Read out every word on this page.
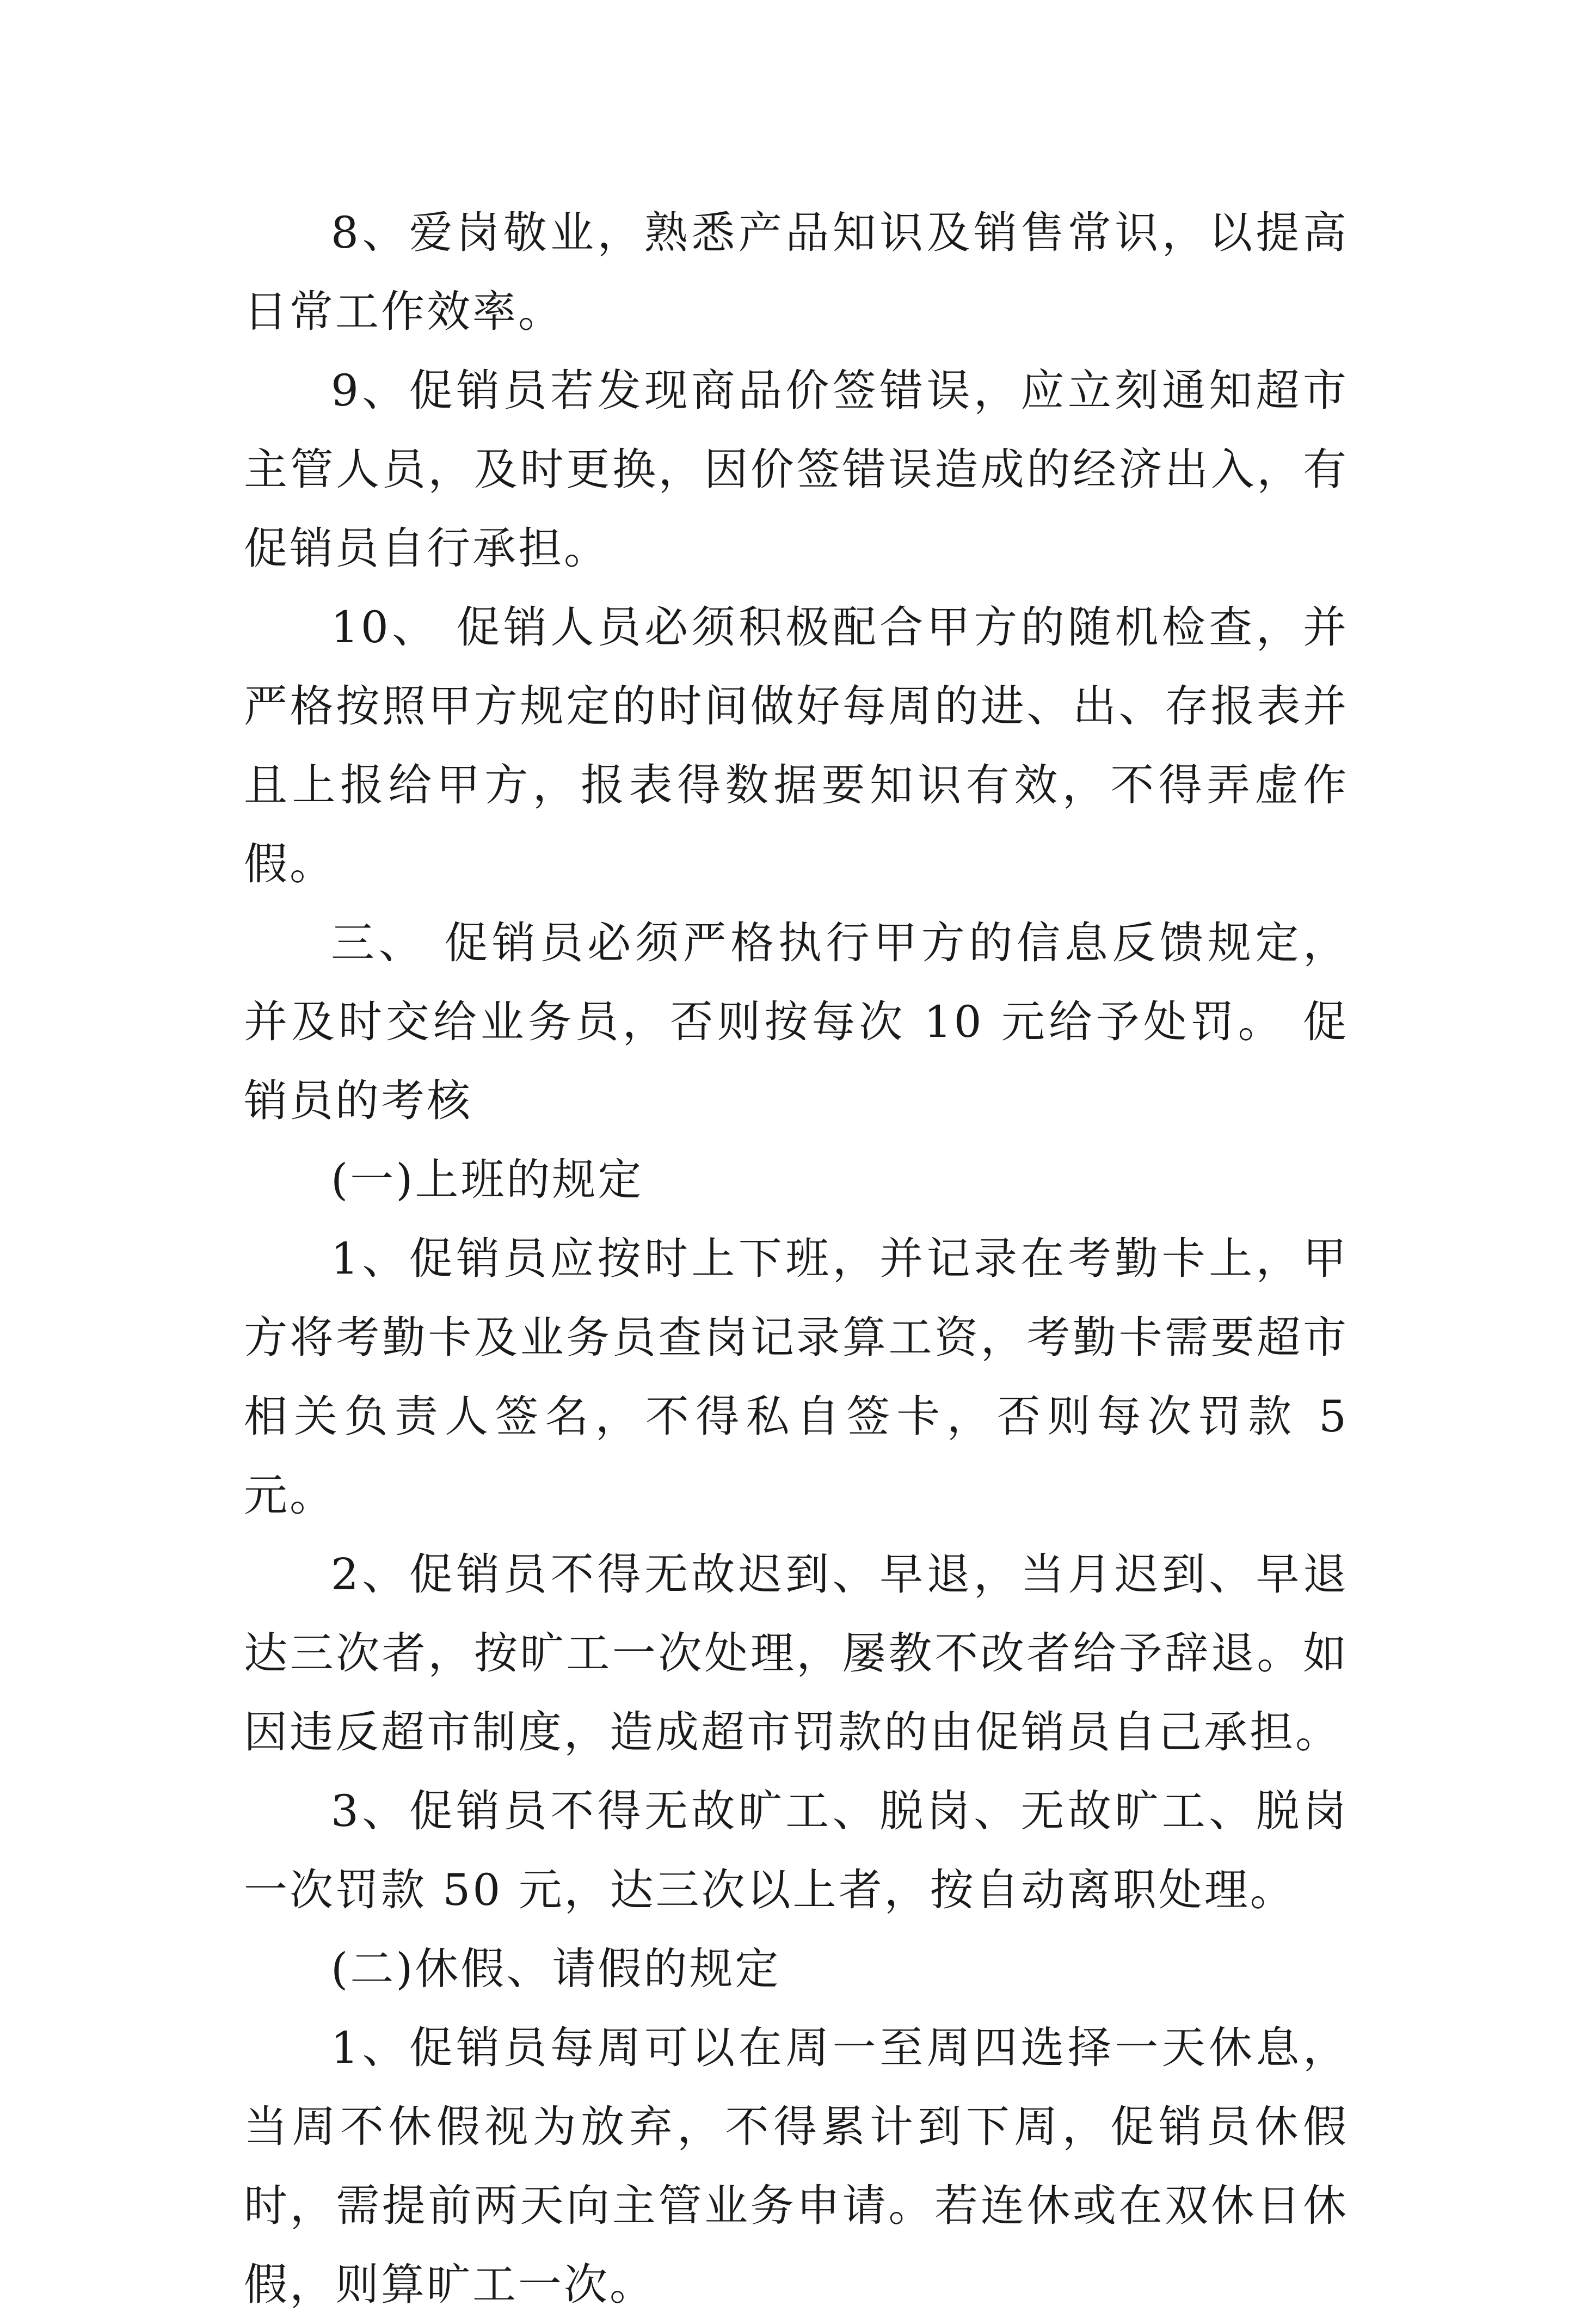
8、爱岗敬业，熟悉产品知识及销售常识，以提高日常工作效率。

9、促销员若发现商品价签错误，应立刻通知超市主管人员，及时更换，因价签错误造成的经济出入，有促销员自行承担。

10、 促销人员必须积极配合甲方的随机检查，并严格按照甲方规定的时间做好每周的进、出、存报表并且上报给甲方，报表得数据要知识有效，不得弄虚作假。

三、 促销员必须严格执行甲方的信息反馈规定，并及时交给业务员，否则按每次 10 元给予处罚。 促销员的考核

(一)上班的规定

1、促销员应按时上下班，并记录在考勤卡上，甲方将考勤卡及业务员查岗记录算工资，考勤卡需要超市相关负责人签名，不得私自签卡，否则每次罚款 5 元。

2、促销员不得无故迟到、早退，当月迟到、早退达三次者，按旷工一次处理，屡教不改者给予辞退。如因违反超市制度，造成超市罚款的由促销员自己承担。

3、促销员不得无故旷工、脱岗、无故旷工、脱岗一次罚款 50 元，达三次以上者，按自动离职处理。

(二)休假、请假的规定

1、促销员每周可以在周一至周四选择一天休息，当周不休假视为放弃，不得累计到下周，促销员休假时，需提前两天向主管业务申请。若连休或在双休日休假，则算旷工一次。
